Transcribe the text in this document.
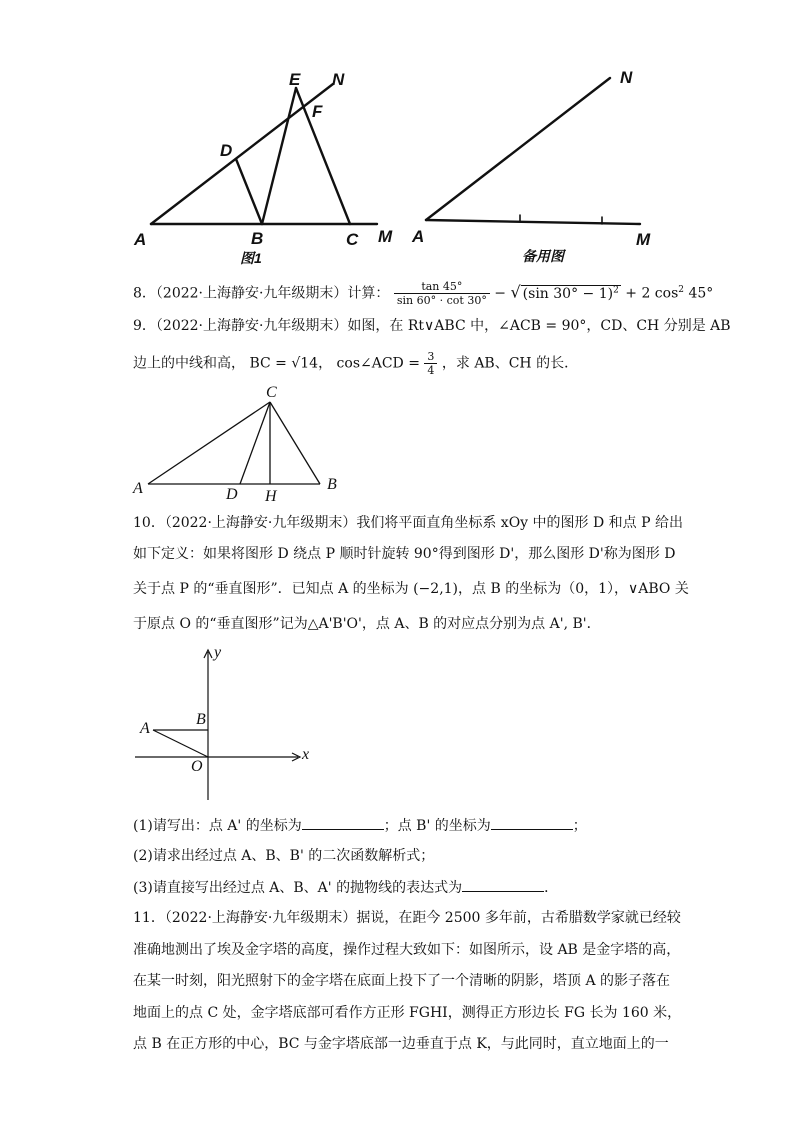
E N
F
D
A	B	C M
图1
N
A	M
备用图
8．（2022·上海静安·九年级期末）计算： $\frac{\tan 45^\circ}{\sin 60^\circ \cdot \cot 30^\circ}$ − √ (sin 30° − 1)$^2$ + 2 $\cos^2 45^\circ$
9．（2022·上海静安·九年级期末）如图，在 Rt∨ABC 中，∠ACB = 90°，CD、CH 分别是 AB
边上的中线和高， BC = √14， cos∠ACD = $\frac{3}{4}$ ，求 AB、CH 的长．
C
A	D H
B
10．（2022·上海静安·九年级期末）我们将平面直角坐标系 xOy 中的图形 D 和点 P 给出
如下定义：如果将图形 D 绕点 P 顺时针旋转 90°得到图形 D'，那么图形 D'称为图形 D
关于点 P 的“垂直图形”．已知点 A 的坐标为 (−2,1)，点 B 的坐标为（0，1），∨ABO 关
于原点 O 的“垂直图形”记为△A'B'O'，点 A、B 的对应点分别为点 A', B'．
y
x
A
B
O
(1)请写出：点 A' 的坐标为	；点 B' 的坐标为	；
(2)请求出经过点 A、B、B' 的二次函数解析式；
(3)请直接写出经过点 A、B、A' 的抛物线的表达式为	．
11．（2022·上海静安·九年级期末）据说，在距今 2500 多年前，古希腊数学家就已经较
准确地测出了埃及金字塔的高度，操作过程大致如下：如图所示，设 AB 是金字塔的高，
在某一时刻，阳光照射下的金字塔在底面上投下了一个清晰的阴影，塔顶 A 的影子落在
地面上的点 C 处，金字塔底部可看作方正形 FGHI，测得正方形边长 FG 长为 160 米，
点 B 在正方形的中心，BC 与金字塔底部一边垂直于点 K，与此同时，直立地面上的一
